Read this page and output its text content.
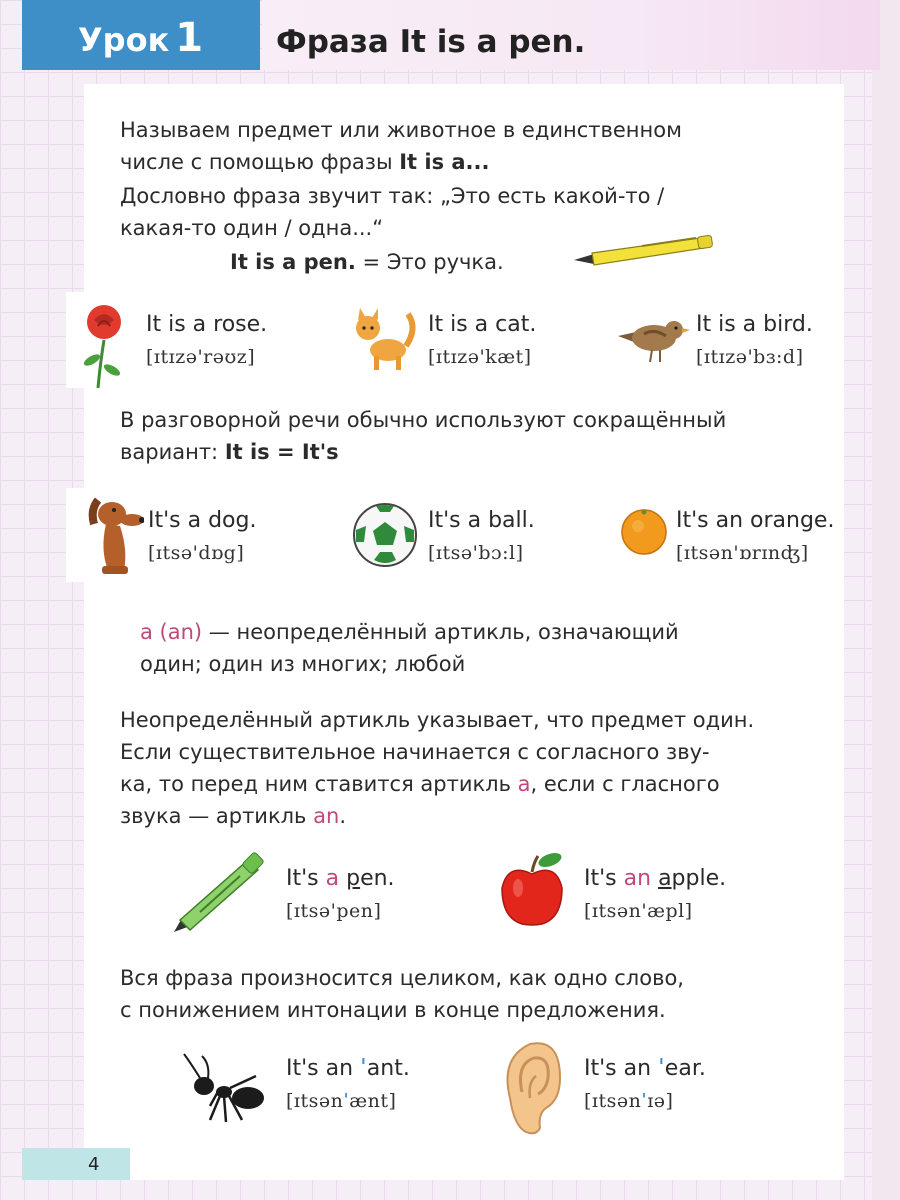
Урок 1	Фраза It is a pen.
Называем предмет или животное в единственном
числе с помощью фразы It is a...
Дословно фраза звучит так: „Это есть какой-то /
какая-то один / одна...“
It is a pen. = Это ручка.
It is a rose.
[ɪtɪzə'rəʊz]
It is a cat.
[ɪtɪzə'kæt]
It is a bird.
[ɪtɪzə'bɜ:d]
В разговорной речи обычно используют сокращённый
вариант: It is = It's
It's a dog.
[ɪtsə'dɒg]
It's a ball.
[ɪtsə'bɔ:l]
It's an orange.
[ɪtsən'ɒrɪnʤ]
a (an) — неопределённый артикль, означающий
один; один из многих; любой
Неопределённый артикль указывает, что предмет один.
Если существительное начинается с согласного зву-
ка, то перед ним ставится артикль a, если с гласного
звука — артикль an.
It's a pen.
[ɪtsə'pen]
It's an apple.
[ɪtsən'æpl]
Вся фраза произносится целиком, как одно слово,
с понижением интонации в конце предложения.
It's an ˈant.
[ɪtsənˈænt]
It's an ˈear.
[ɪtsənˈɪə]
4
